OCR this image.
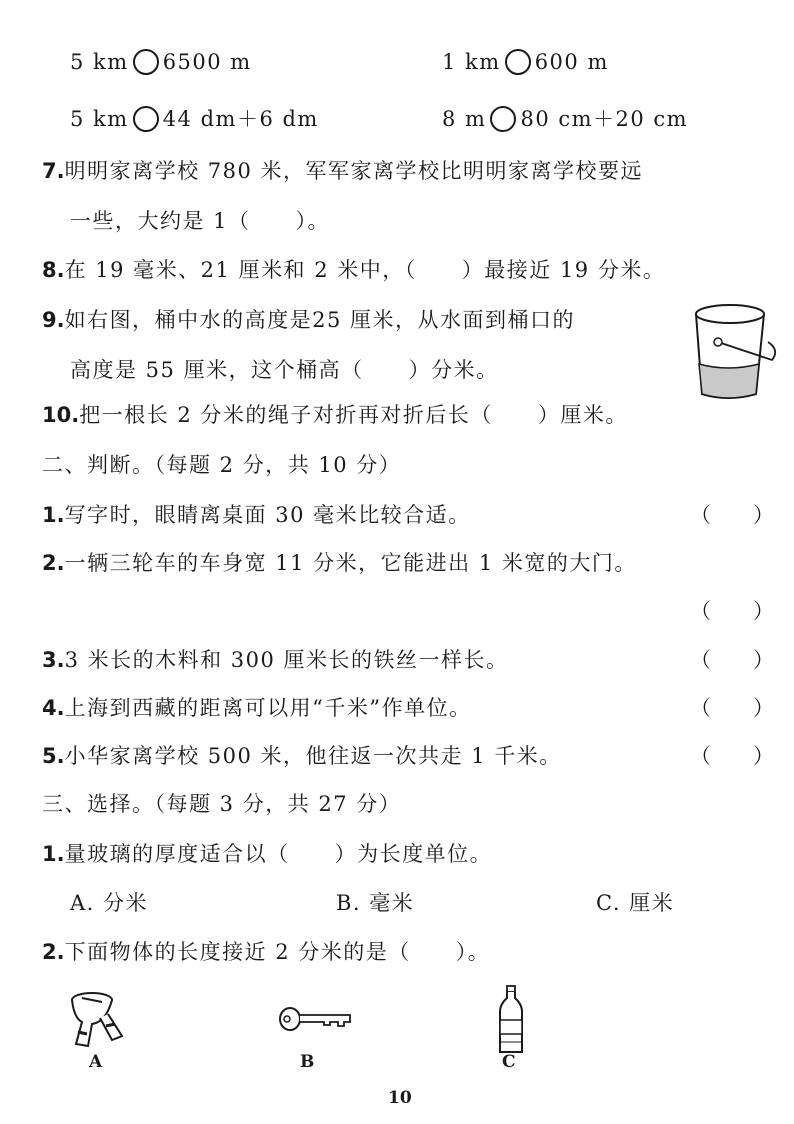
5 km 6500 m	1 km 600 m
5 km 44 dm＋6 dm	8 m 80 cm＋20 cm
7.明明家离学校 780 米，军军家离学校比明明家离学校要远
一些，大约是 1（　　）。
8.在 19 毫米、21 厘米和 2 米中，（　　）最接近 19 分米。
9.如右图，桶中水的高度是25 厘米，从水面到桶口的
高度是 55 厘米，这个桶高（　　）分米。
10.把一根长 2 分米的绳子对折再对折后长（　　）厘米。
二、判断。（每题 2 分，共 10 分）
1.写字时，眼睛离桌面 30 毫米比较合适。	（　　）
2.一辆三轮车的车身宽 11 分米，它能进出 1 米宽的大门。
（　　）
3.3 米长的木料和 300 厘米长的铁丝一样长。	（　　）
4.上海到西藏的距离可以用“千米”作单位。	（　　）
5.小华家离学校 500 米，他往返一次共走 1 千米。	（　　）
三、选择。（每题 3 分，共 27 分）
1.量玻璃的厚度适合以（　　）为长度单位。
A. 分米	B. 毫米	C. 厘米
2.下面物体的长度接近 2 分米的是（　　）。
A	B	C
10
